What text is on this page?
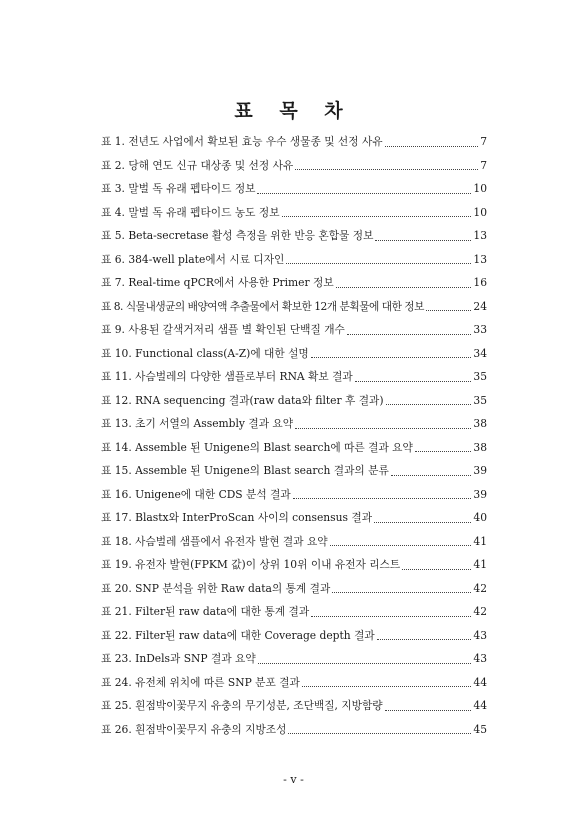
표 목 차
표 1. 전년도 사업에서 확보된 효능 우수 생물종 및 선정 사유	7
표 2. 당해 연도 신규 대상종 및 선정 사유	7
표 3. 말벌 독 유래 펩타이드 정보	10
표 4. 말벌 독 유래 펩타이드 농도 정보	10
표 5. Beta-secretase 활성 측정을 위한 반응 혼합물 정보	13
표 6. 384-well plate에서 시료 디자인	13
표 7. Real-time qPCR에서 사용한 Primer 정보	16
표 8. 식물내생균의 배양여액 추출물에서 확보한 12개 분획물에 대한 정보	24
표 9. 사용된 갈색거저리 샘플 별 확인된 단백질 개수	33
표 10. Functional class(A-Z)에 대한 설명	34
표 11. 사슴벌레의 다양한 샘플로부터 RNA 확보 결과	35
표 12. RNA sequencing 결과(raw data와 filter 후 결과)	35
표 13. 초기 서열의 Assembly 결과 요약	38
표 14. Assemble 된 Unigene의 Blast search에 따른 결과 요약	38
표 15. Assemble 된 Unigene의 Blast search 결과의 분류	39
표 16. Unigene에 대한 CDS 분석 결과	39
표 17. Blastx와 InterProScan 사이의 consensus 결과	40
표 18. 사슴벌레 샘플에서 유전자 발현 결과 요약	41
표 19. 유전자 발현(FPKM 값)이 상위 10위 이내 유전자 리스트	41
표 20. SNP 분석을 위한 Raw data의 통계 결과	42
표 21. Filter된 raw data에 대한 통계 결과	42
표 22. Filter된 raw data에 대한 Coverage depth 결과	43
표 23. InDels과 SNP 결과 요약	43
표 24. 유전체 위치에 따른 SNP 분포 결과	44
표 25. 흰점박이꽃무지 유충의 무기성분, 조단백질, 지방함량	44
표 26. 흰점박이꽃무지 유충의 지방조성	45
- v -
